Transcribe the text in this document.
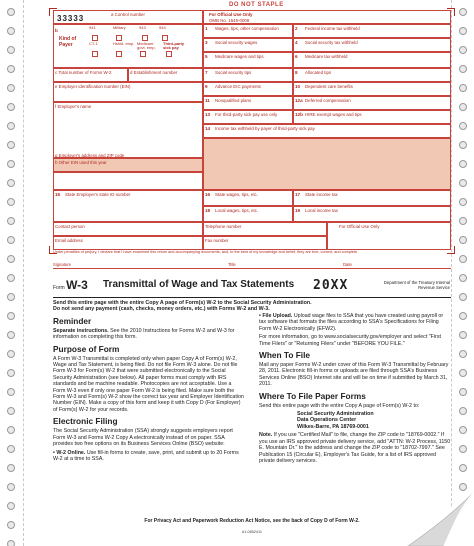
DO NOT STAPLE
33333	a Control number	For Official Use Only
OMB No. 1545-0008
b
Kind of Payer
941	Military	943	944
CT-1	Hshld. emp. Medicare govt. emp.
Third-party sick pay
c Total number of Forms W-2	d Establishment number
e Employer identification number (EIN)
f Employer's name
g Employer's address and ZIP code
h Other EIN used this year
15 State Employer's state ID number
Contact person
Email address
Telephone number
Fax number
For Official Use Only
1 Wages, tips, other compensation	2 Federal income tax withheld
3 Social security wages	4 Social security tax withheld
5 Medicare wages and tips	6 Medicare tax withheld
7 Social security tips	8 Allocated tips
9 Advance EIC payments	10 Dependent care benefits
11 Nonqualified plans	12a Deferred compensation
13 For third-party sick pay use only	12b HIRE exempt wages and tips
14 Income tax withheld by payer of third-party sick pay
16 State wages, tips, etc.	17 State income tax
18 Local wages, tips, etc.	19 Local income tax
Under penalties of perjury, I declare that I have examined this return and accompanying documents, and, to the best of my knowledge and belief, they are true, correct, and complete.
Signature	Title	Date
Form W-3 Transmittal of Wage and Tax Statements 20XX	Department of the Treasury Internal Revenue Service
Send this entire page with the entire Copy A page of Form(s) W-2 to the Social Security Administration.
Do not send any payment (cash, checks, money orders, etc.) with Forms W-2 and W-3.
Reminder
Separate instructions. See the 2010 Instructions for Forms W-2 and W-3 for information on completing this form.
Purpose of Form
A Form W-3 Transmittal is completed only when paper Copy A of Form(s) W-2, Wage and Tax Statement, is being filed. Do not file Form W-3 alone. Do not file Form W-3 for Form(s) W-2 that were submitted electronically to the Social Security Administration (see below). All paper forms must comply with IRS standards and be machine readable. Photocopies are not acceptable. Use a Form W-3 even if only one paper Form W-2 is being filed. Make sure both the Form W-3 and Form(s) W-2 show the correct tax year and Employer Identification Number (EIN). Make a copy of this form and keep it with Copy D (For Employer) of Form(s) W-2 for your records.
Electronic Filing
The Social Security Administration (SSA) strongly suggests employers report Form W-3 and Forms W-2 Copy A electronically instead of on paper. SSA provides two free options on its Business Services Online (BSO) website:
• W-2 Online. Use fill-in forms to create, save, print, and submit up to 20 Forms W-2 at a time to SSA.
• File Upload. Upload wage files to SSA that you have created using payroll or tax software that formats the files according to SSA's Specifications for Filing Form W-2 Electronically (EFW2).
For more information, go to www.socialsecurity.gov/employer and select "First Time Filers" or "Returning Filers" under "BEFORE YOU FILE."
When To File
Mail any paper Forms W-2 under cover of this Form W-3 Transmittal by February 28, 2011. Electronic fill-in forms or uploads are filed through SSA's Business Services Online (BSO) Internet site and will be on time if submitted by March 31, 2011.
Where To File Paper Forms
Send this entire page with the entire Copy A page of Form(s) W-2 to:
Social Security Administration
Data Operations Center
Wilkes-Barre, PA 18769-0001
Note. If you use "Certified Mail" to file, change the ZIP code to "18769-0002." If you use an IRS approved private delivery service, add "ATTN: W-2 Process, 1150 E. Mountain Dr." to the address and change the ZIP code to "18702-7997." See Publication 15 (Circular E), Employer's Tax Guide, for a list of IRS approved private delivery services.
For Privacy Act and Paperwork Reduction Act Notice, see the back of Copy D of Form W-2.
#1-0852411
